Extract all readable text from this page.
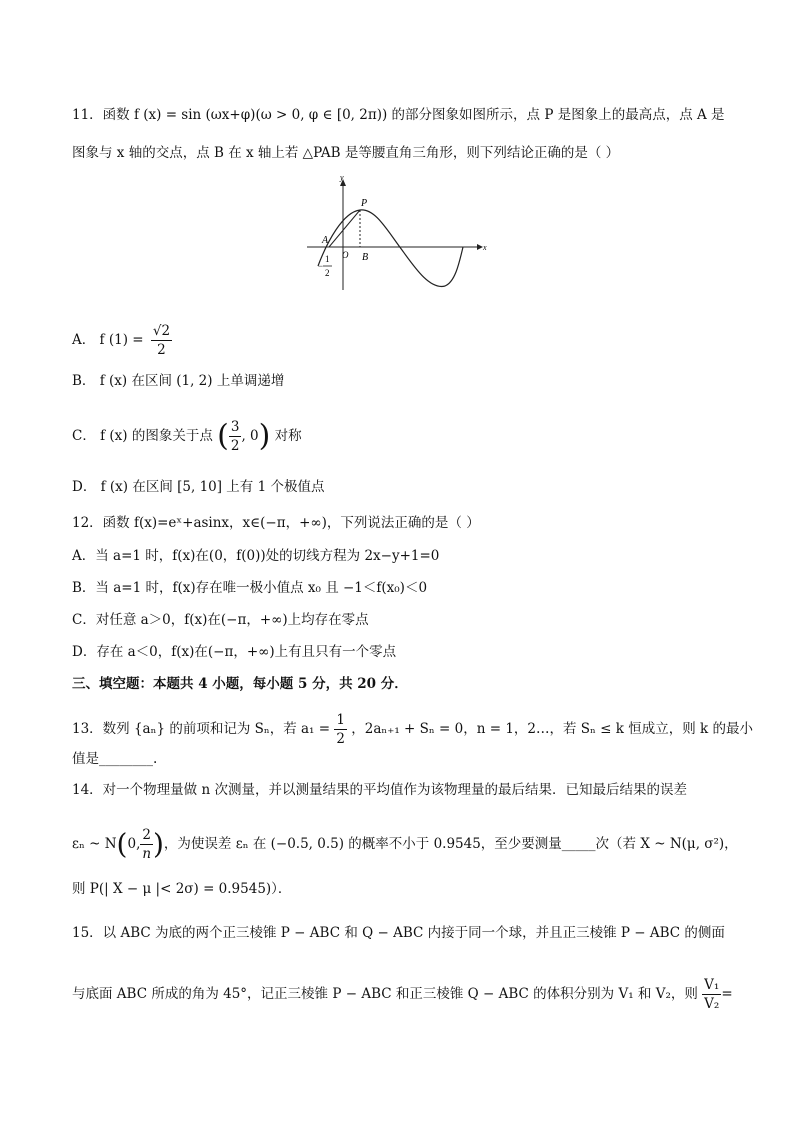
11．函数 f (x) = sin (ωx+φ)(ω > 0, φ ∈ [0, 2π)) 的部分图象如图所示，点 P 是图象上的最高点，点 A 是
图象与 x 轴的交点，点 B 在 x 轴上若 △PAB 是等腰直角三角形，则下列结论正确的是（ ）
y
x
P
A
B
O
1
−
2
A． f $(1) = \frac{√2}{2}$
B． f (x) 在区间 (1, 2) 上单调递增
C． f (x) 的图象关于点 ( $\frac{3}{2}$ , 0) 对称
D． f (x) 在区间 [5, 10] 上有 1 个极值点
12．函数 f(x)=eˣ+asinx，x∈(−π，+∞)，下列说法正确的是（ ）
A．当 a=1 时，f(x)在(0，f(0))处的切线方程为 2x−y+1=0
B．当 a=1 时，f(x)存在唯一极小值点 x₀ 且 −1＜f(x₀)＜0
C．对任意 a＞0，f(x)在(−π，+∞)上均存在零点
D．存在 a＜0，f(x)在(−π，+∞)上有且只有一个零点
三、填空题：本题共 4 小题，每小题 5 分，共 20 分．
13．数列 {aₙ} 的前项和记为 Sₙ，若 $a_1 = \frac{1}{2}$ ，2aₙ₊₁ + Sₙ = 0，n = 1，2…，若 Sₙ ≤ k 恒成立，则 k 的最小
值是________.
14．对一个物理量做 n 次测量，并以测量结果的平均值作为该物理量的最后结果．已知最后结果的误差
εₙ ~ N(0, $\frac{2}{n}$ )，为使误差 εₙ 在 (−0.5, 0.5) 的概率不小于 0.9545，至少要测量_____次（若 X ~ N(μ, σ²)，
则 P(| X − μ |< 2σ) = 0.9545)）．
15．以 ABC 为底的两个正三棱锥 P − ABC 和 Q − ABC 内接于同一个球，并且正三棱锥 P − ABC 的侧面
与底面 ABC 所成的角为 45°，记正三棱锥 P − ABC 和正三棱锥 Q − ABC 的体积分别为 V₁ 和 V₂，则 $\frac{\text{V₁}}{\text{V₂}}$ =
